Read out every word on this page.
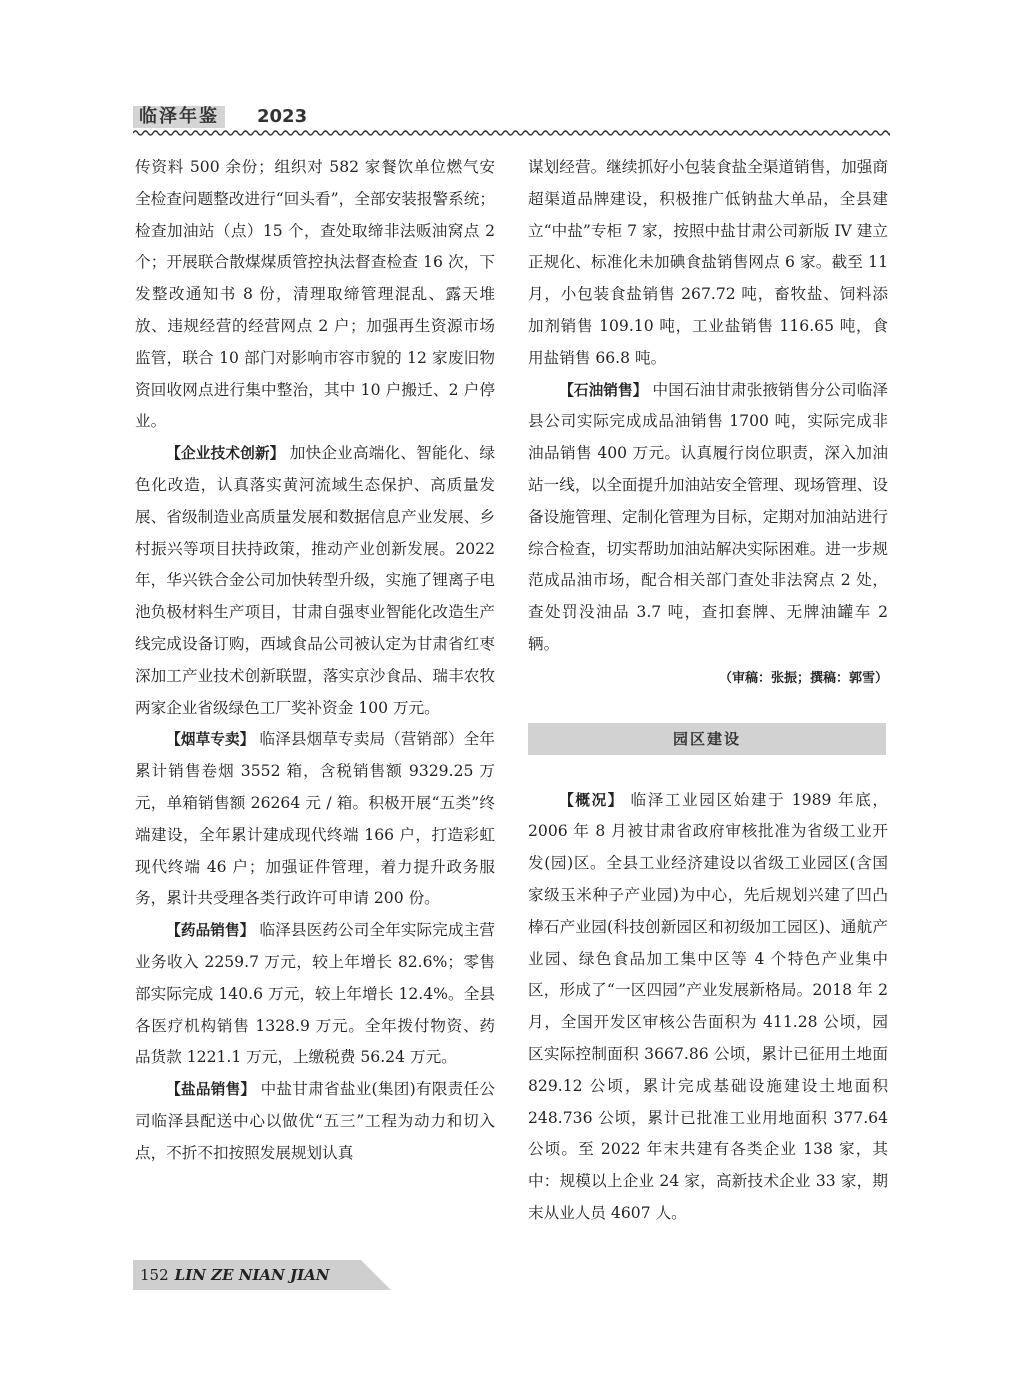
临泽年鉴	2023

传资料 500 余份；组织对 582 家餐饮单位燃气安全检查问题整改进行“回头看”，全部安装报警系统；检查加油站（点）15 个，查处取缔非法贩油窝点 2 个；开展联合散煤煤质管控执法督查检查 16 次，下发整改通知书 8 份，清理取缔管理混乱、露天堆放、违规经营的经营网点 2 户；加强再生资源市场监管，联合 10 部门对影响市容市貌的 12 家废旧物资回收网点进行集中整治，其中 10 户搬迁、2 户停业。

【企业技术创新】 加快企业高端化、智能化、绿色化改造，认真落实黄河流域生态保护、高质量发展、省级制造业高质量发展和数据信息产业发展、乡村振兴等项目扶持政策，推动产业创新发展。2022 年，华兴铁合金公司加快转型升级，实施了锂离子电池负极材料生产项目，甘肃自强枣业智能化改造生产线完成设备订购，西域食品公司被认定为甘肃省红枣深加工产业技术创新联盟，落实京沙食品、瑞丰农牧两家企业省级绿色工厂奖补资金 100 万元。

【烟草专卖】 临泽县烟草专卖局（营销部）全年累计销售卷烟 3552 箱，含税销售额 9329.25 万元，单箱销售额 26264 元 / 箱。积极开展“五类”终端建设，全年累计建成现代终端 166 户，打造彩虹现代终端 46 户；加强证件管理，着力提升政务服务，累计共受理各类行政许可申请 200 份。

【药品销售】 临泽县医药公司全年实际完成主营业务收入 2259.7 万元，较上年增长 82.6%；零售部实际完成 140.6 万元，较上年增长 12.4%。全县各医疗机构销售 1328.9 万元。全年拨付物资、药品货款 1221.1 万元，上缴税费 56.24 万元。

【盐品销售】 中盐甘肃省盐业(集团)有限责任公司临泽县配送中心以做优“五三”工程为动力和切入点，不折不扣按照发展规划认真

谋划经营。继续抓好小包装食盐全渠道销售，加强商超渠道品牌建设，积极推广低钠盐大单品，全县建立“中盐”专柜 7 家，按照中盐甘肃公司新版 IV 建立正规化、标准化未加碘食盐销售网点 6 家。截至 11 月，小包装食盐销售 267.72 吨，畜牧盐、饲料添加剂销售 109.10 吨，工业盐销售 116.65 吨，食用盐销售 66.8 吨。

【石油销售】 中国石油甘肃张掖销售分公司临泽县公司实际完成成品油销售 1700 吨，实际完成非油品销售 400 万元。认真履行岗位职责，深入加油站一线，以全面提升加油站安全管理、现场管理、设备设施管理、定制化管理为目标，定期对加油站进行综合检查，切实帮助加油站解决实际困难。进一步规范成品油市场，配合相关部门查处非法窝点 2 处，查处罚没油品 3.7 吨，查扣套牌、无牌油罐车 2 辆。

（审稿：张振；撰稿：郭雪）

园区建设

【概况】 临泽工业园区始建于 1989 年底，2006 年 8 月被甘肃省政府审核批准为省级工业开发(园)区。全县工业经济建设以省级工业园区(含国家级玉米种子产业园)为中心，先后规划兴建了凹凸棒石产业园(科技创新园区和初级加工园区)、通航产业园、绿色食品加工集中区等 4 个特色产业集中区，形成了“一区四园”产业发展新格局。2018 年 2 月，全国开发区审核公告面积为 411.28 公顷，园区实际控制面积 3667.86 公顷，累计已征用土地面 829.12 公顷，累计完成基础设施建设土地面积 248.736 公顷，累计已批准工业用地面积 377.64 公顷。至 2022 年末共建有各类企业 138 家，其中：规模以上企业 24 家，高新技术企业 33 家，期末从业人员 4607 人。

152 LIN ZE NIAN JIAN
